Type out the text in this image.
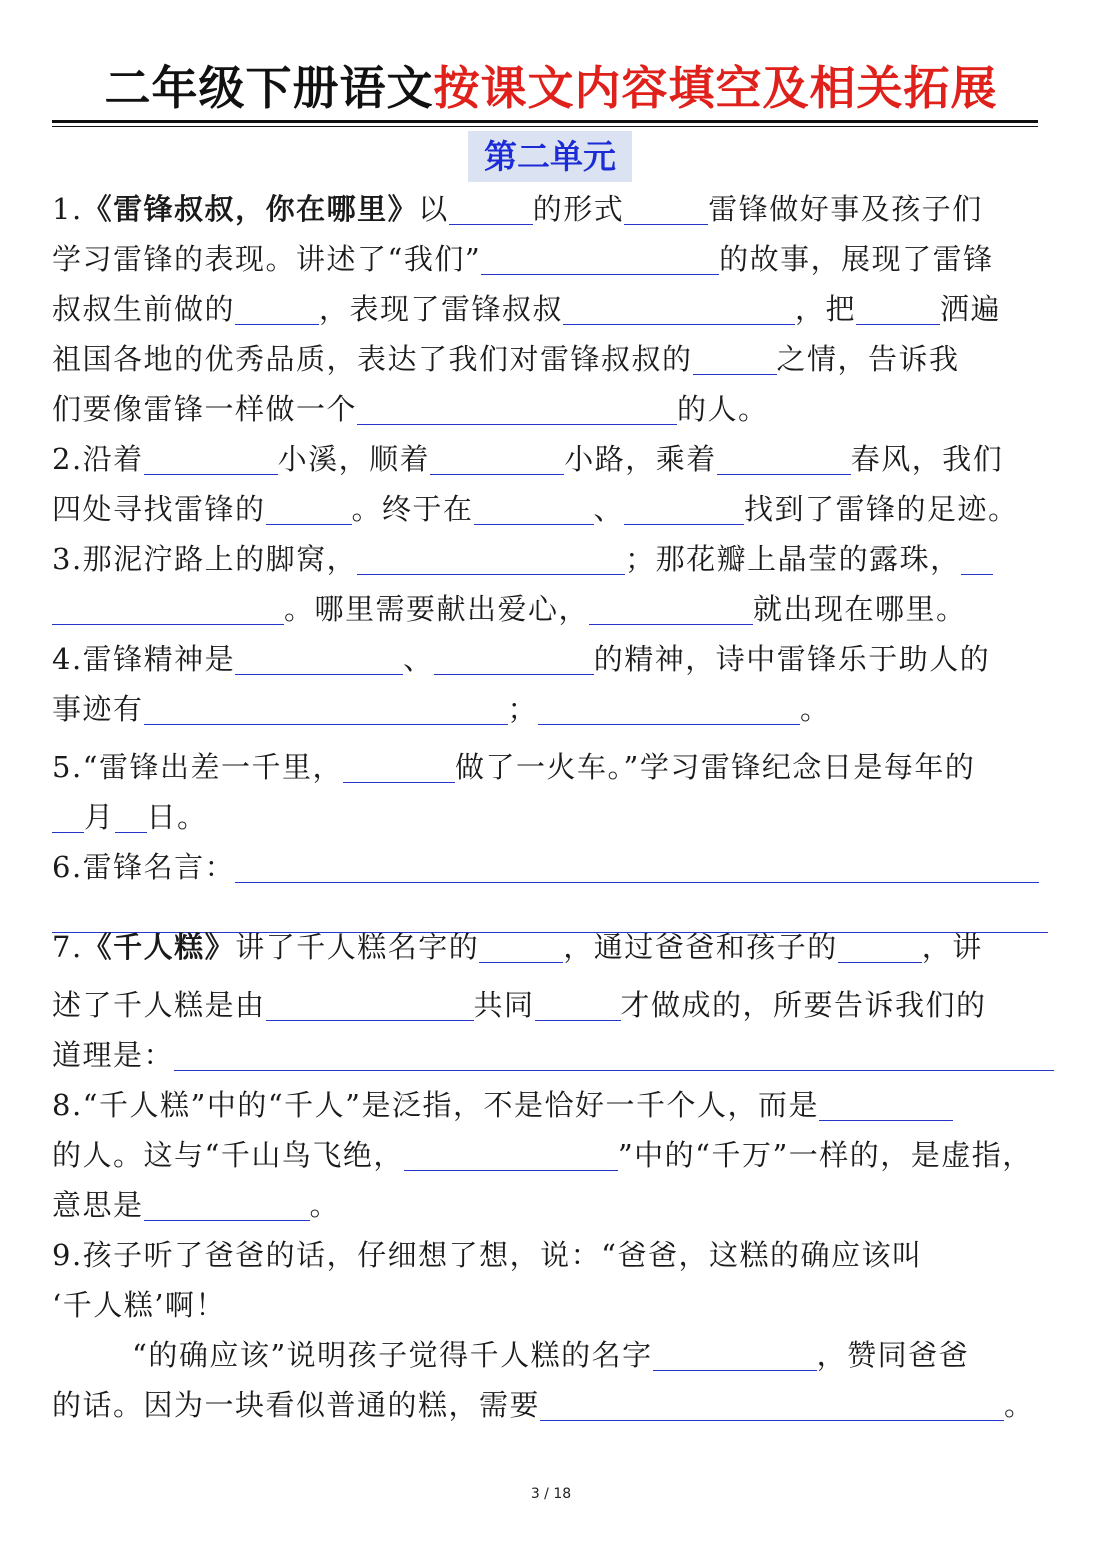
二年级下册语文按课文内容填空及相关拓展
第二单元
1.《雷锋叔叔，你在哪里》以	的形式	雷锋做好事及孩子们
学习雷锋的表现。讲述了“我们”	的故事，展现了雷锋
叔叔生前做的	，表现了雷锋叔叔	，把	洒遍
祖国各地的优秀品质，表达了我们对雷锋叔叔的	之情，告诉我
们要像雷锋一样做一个	的人。
2.沿着	小溪，顺着	小路，乘着	春风，我们
四处寻找雷锋的	。终于在	、	找到了雷锋的足迹。
3.那泥泞路上的脚窝，	；那花瓣上晶莹的露珠，
。哪里需要献出爱心，	就出现在哪里。
4.雷锋精神是	、	的精神，诗中雷锋乐于助人的
事迹有	；	。
5.“雷锋出差一千里，	做了一火车。”学习雷锋纪念日是每年的
月 日。
6.雷锋名言：
7.《千人糕》讲了千人糕名字的	，通过爸爸和孩子的	，讲
述了千人糕是由	共同	才做成的，所要告诉我们的
道理是：
8.“千人糕”中的“千人”是泛指，不是恰好一千个人，而是
的人。这与“千山鸟飞绝，	”中的“千万”一样的，是虚指，
意思是	。
9.孩子听了爸爸的话，仔细想了想，说：“爸爸，这糕的确应该叫
‘千人糕’啊！
“的确应该”说明孩子觉得千人糕的名字	，赞同爸爸
的话。因为一块看似普通的糕，需要	。
3 / 18
